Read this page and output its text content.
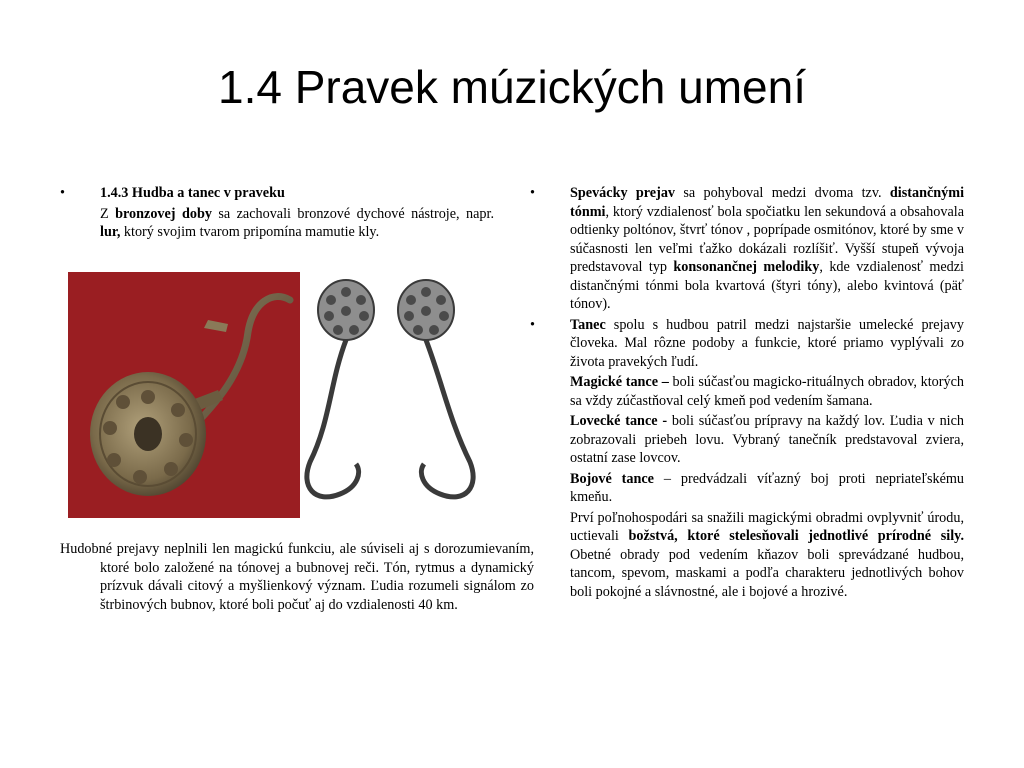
1.4 Pravek múzických umení
• 1.4.3 Hudba a tanec v praveku
Z bronzovej doby sa zachovali bronzové dychové nástroje, napr. lur, ktorý svojim tvarom pripomína mamutie kly.
Hudobné prejavy neplnili len magickú funkciu, ale súviseli aj s dorozumievaním, ktoré bolo založené na tónovej a bubnovej reči. Tón, rytmus a dynamický prízvuk dávali citový a myšlienkový význam. Ľudia rozumeli signálom zo štrbinových bubnov, ktoré boli počuť aj do vzdialenosti 40 km.
• Spevácky prejav sa pohyboval medzi dvoma tzv. distančnými tónmi, ktorý vzdialenosť bola spočiatku len sekundová a obsahovala odtienky poltónov, štvrť tónov , poprípade osmitónov, ktoré by sme v súčasnosti len veľmi ťažko dokázali rozlíšiť. Vyšší stupeň vývoja predstavoval typ konsonančnej melodiky, kde vzdialenosť medzi distančnými tónmi bola kvartová (štyri tóny), alebo kvintová (päť tónov).
• Tanec spolu s hudbou patril medzi najstaršie umelecké prejavy človeka. Mal rôzne podoby a funkcie, ktoré priamo vyplývali zo života pravekých ľudí.
Magické tance – boli súčasťou magicko-rituálnych obradov, ktorých sa vždy zúčastňoval celý kmeň pod vedením šamana.
Lovecké tance - boli súčasťou prípravy na každý lov. Ľudia v nich zobrazovali priebeh lovu. Vybraný tanečník predstavoval zviera, ostatní zase lovcov.
Bojové tance – predvádzali víťazný boj proti nepriateľskému kmeňu.
Prví poľnohospodári sa snažili magickými obradmi ovplyvniť úrodu, uctievali božstvá, ktoré stelesňovali jednotlivé prírodné sily. Obetné obrady pod vedením kňazov boli sprevádzané hudbou, tancom, spevom, maskami a podľa charakteru jednotlivých bohov boli pokojné a slávnostné, ale i bojové a hrozivé.
